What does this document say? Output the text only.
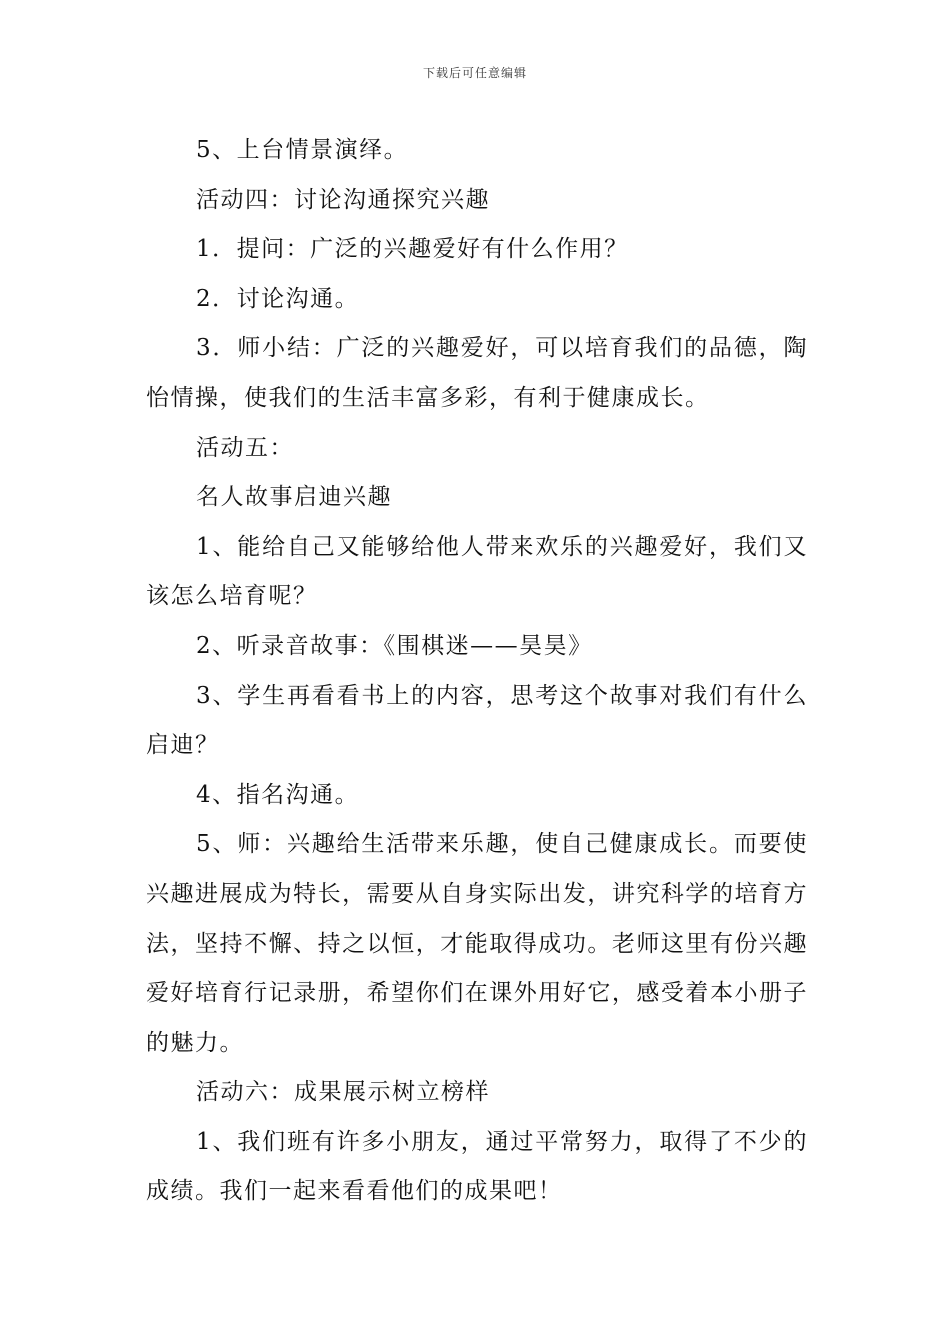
下载后可任意编辑

5、上台情景演绎。

活动四：讨论沟通探究兴趣

1．提问：广泛的兴趣爱好有什么作用？

2．讨论沟通。

3．师小结：广泛的兴趣爱好，可以培育我们的品德，陶怡情操，使我们的生活丰富多彩，有利于健康成长。

活动五：

名人故事启迪兴趣

1、能给自己又能够给他人带来欢乐的兴趣爱好，我们又该怎么培育呢？

2、听录音故事：《围棋迷——昊昊》

3、学生再看看书上的内容，思考这个故事对我们有什么启迪？

4、指名沟通。

5、师：兴趣给生活带来乐趣，使自己健康成长。而要使兴趣进展成为特长，需要从自身实际出发，讲究科学的培育方法，坚持不懈、持之以恒，才能取得成功。老师这里有份兴趣爱好培育行记录册，希望你们在课外用好它，感受着本小册子的魅力。

活动六：成果展示树立榜样

1、我们班有许多小朋友，通过平常努力，取得了不少的成绩。我们一起来看看他们的成果吧！
